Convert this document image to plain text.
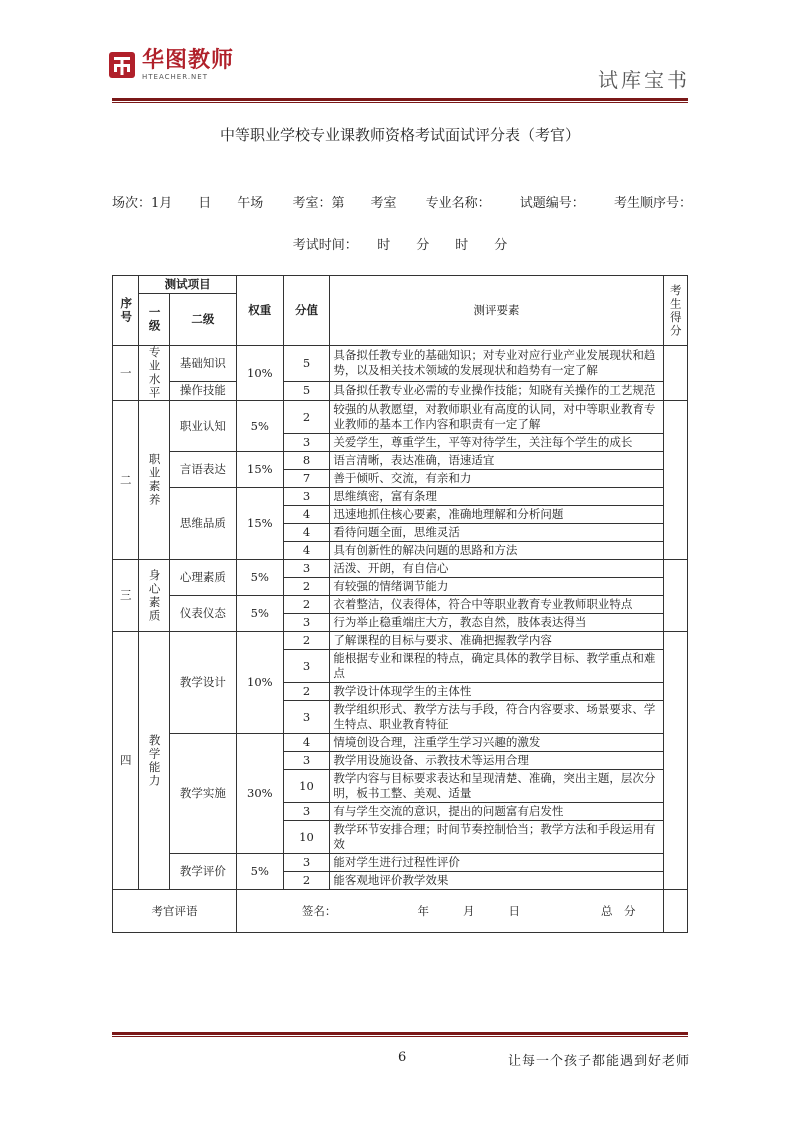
华图教师
HTEACHER.NET	试库宝书
中等职业学校专业课教师资格考试面试评分表（考官）
场次：1月　　日　　午场 考室：第　　考室 专业名称： 试题编号： 考生顺序号：
考试时间：　　时　　分　　时　　分
序号	测试项目		权重	分值	测评要素	考生得分

	一级	二级				
一	专业水平	基础知识	10%	5	具备拟任教专业的基础知识；对专业对应行业产业发展现状和趋势，以及相关技术领域的发展现状和趋势有一定了解	
		操作技能		5	具备拟任教专业必需的专业操作技能；知晓有关操作的工艺规范	
二	职业素养	职业认知	5%	2	较强的从教愿望，对教师职业有高度的认同，对中等职业教育专业教师的基本工作内容和职责有一定了解	
				3	关爱学生，尊重学生，平等对待学生，关注每个学生的成长	
		言语表达	15%	8	语言清晰，表达准确，语速适宜	
				7	善于倾听、交流，有亲和力	
		思维品质	15%	3	思维缜密，富有条理	
				4	迅速地抓住核心要素，准确地理解和分析问题	
				4	看待问题全面，思维灵活	
				4	具有创新性的解决问题的思路和方法	
三	身心素质	心理素质	5%	3	活泼、开朗，有自信心	
				2	有较强的情绪调节能力	
		仪表仪态	5%	2	衣着整洁，仪表得体，符合中等职业教育专业教师职业特点	
				3	行为举止稳重端庄大方，教态自然，肢体表达得当	
四	教学能力	教学设计	10%	2	了解课程的目标与要求、准确把握教学内容	
				3	能根据专业和课程的特点，确定具体的教学目标、教学重点和难点	
				2	教学设计体现学生的主体性	
				3	教学组织形式、教学方法与手段，符合内容要求、场景要求、学生特点、职业教育特征	
		教学实施	30%	4	情境创设合理，注重学生学习兴趣的激发	
				3	教学用设施设备、示教技术等运用合理	
				10	教学内容与目标要求表达和呈现清楚、准确，突出主题，层次分明，板书工整、美观、适量	
				3	有与学生交流的意识，提出的问题富有启发性	
				10	教学环节安排合理；时间节奏控制恰当；教学方法和手段运用有效	
		教学评价	5%	3	能对学生进行过程性评价	
				2	能客观地评价教学效果	
考官评语			签名： 年 月 日 总　分			

6	让每一个孩子都能遇到好老师
